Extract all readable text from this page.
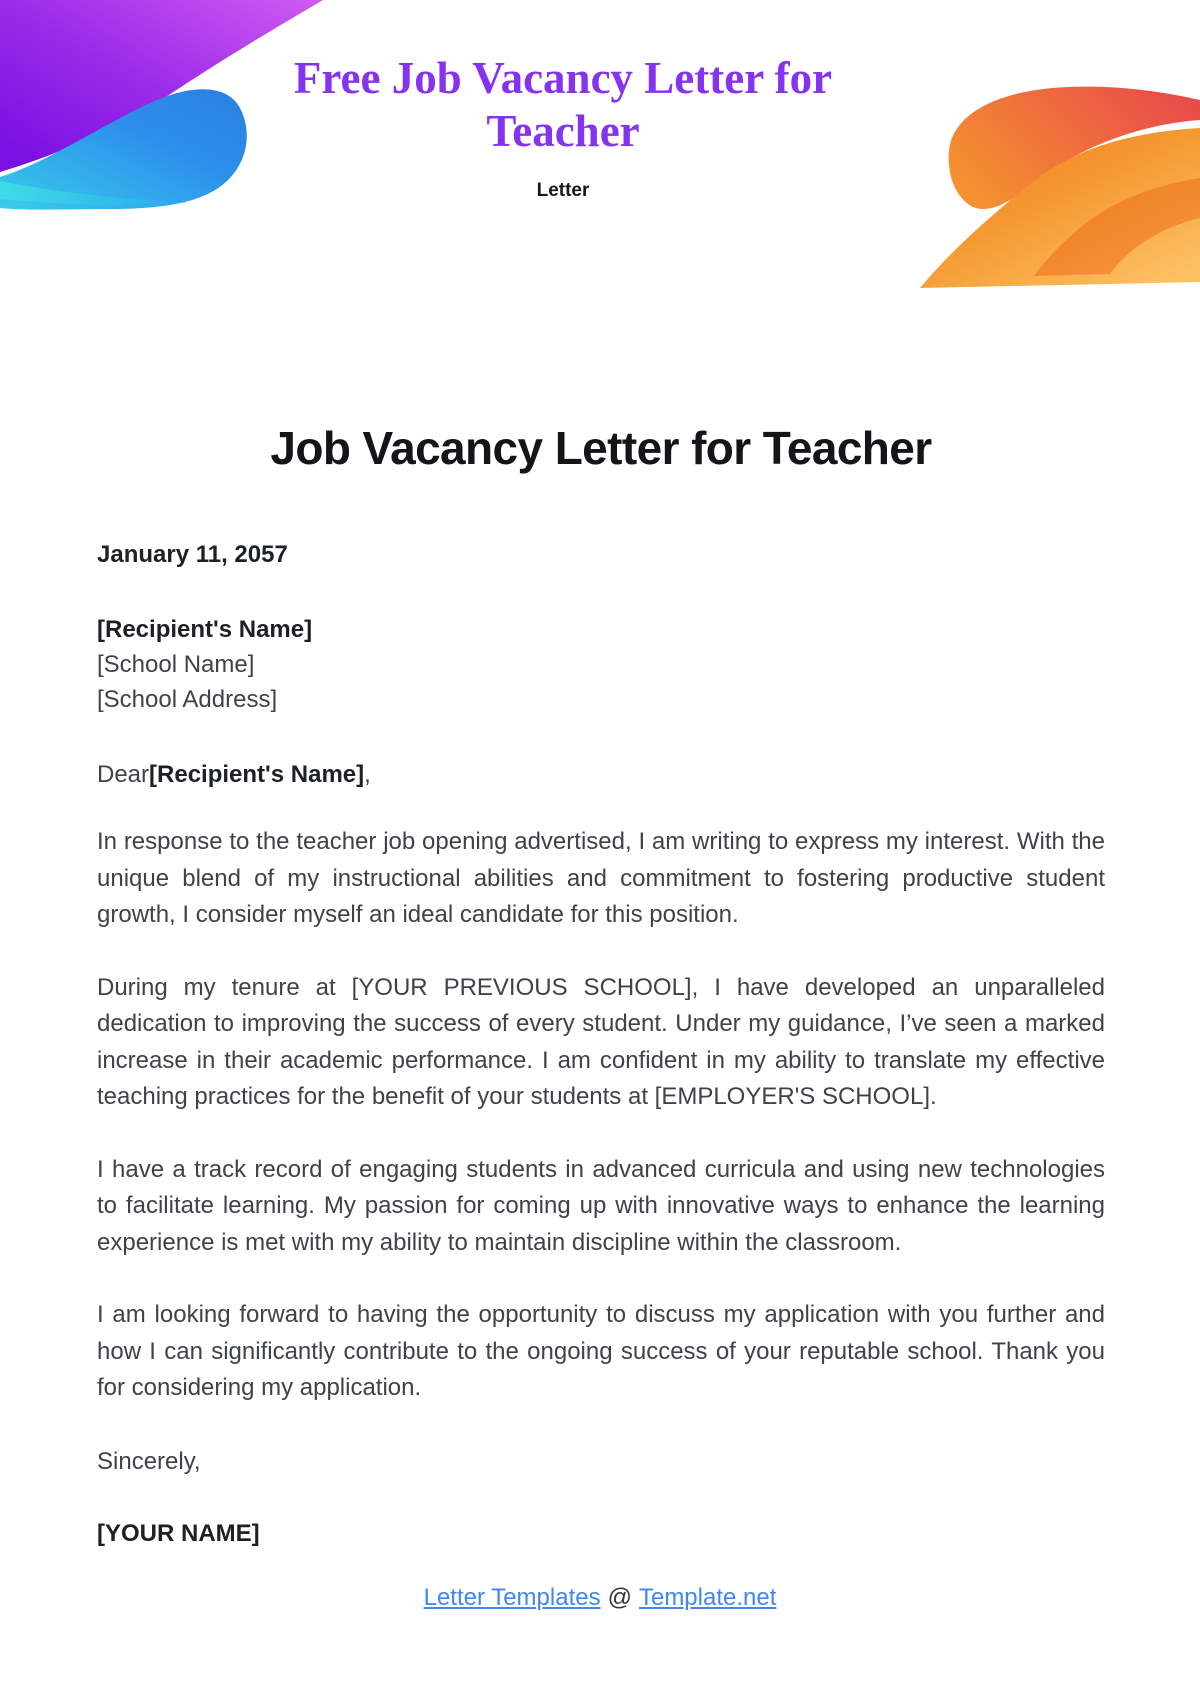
Free Job Vacancy Letter for Teacher
Letter
Job Vacancy Letter for Teacher

January 11, 2057

[Recipient's Name]

[School Name]

[School Address]

Dear[Recipient's Name],

In response to the teacher job opening advertised, I am writing to express my interest. With the unique blend of my instructional abilities and commitment to fostering productive student growth, I consider myself an ideal candidate for this position.

During my tenure at [YOUR PREVIOUS SCHOOL], I have developed an unparalleled dedication to improving the success of every student. Under my guidance, I’ve seen a marked increase in their academic performance. I am confident in my ability to translate my effective teaching practices for the benefit of your students at [EMPLOYER'S SCHOOL].

I have a track record of engaging students in advanced curricula and using new technologies to facilitate learning. My passion for coming up with innovative ways to enhance the learning experience is met with my ability to maintain discipline within the classroom.

I am looking forward to having the opportunity to discuss my application with you further and how I can significantly contribute to the ongoing success of your reputable school. Thank you for considering my application.

Sincerely,

[YOUR NAME]

Letter Templates @ Template.net
